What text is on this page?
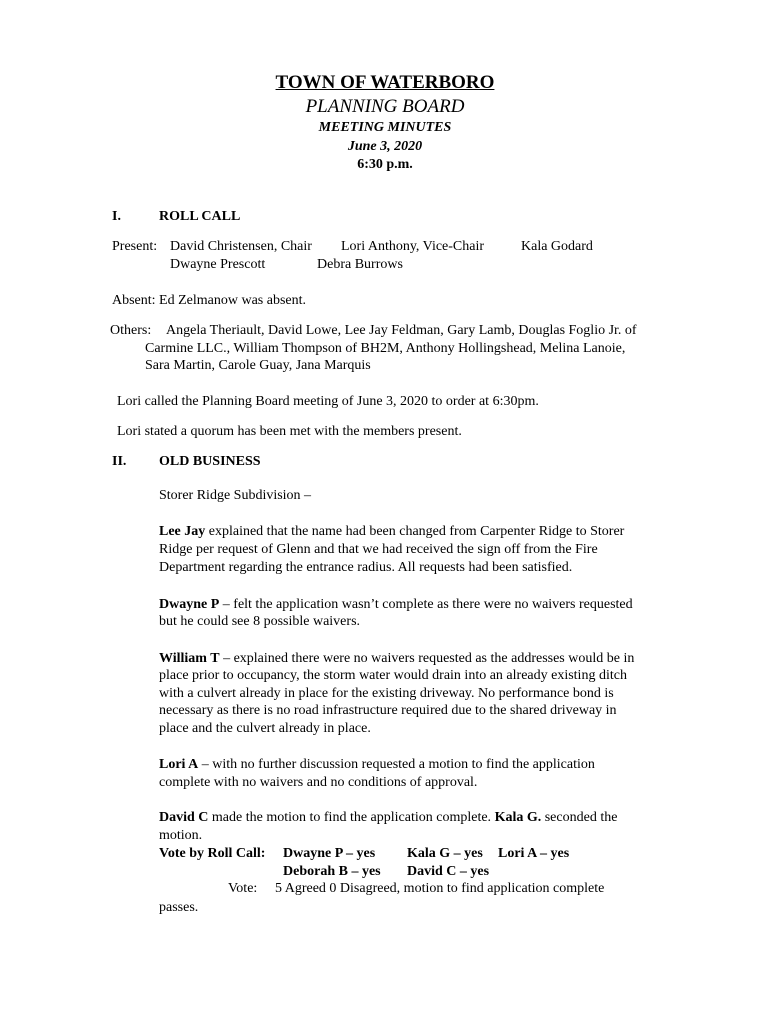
TOWN OF WATERBORO
PLANNING BOARD
MEETING MINUTES
June 3, 2020
6:30 p.m.
I.	ROLL CALL
Present: David Christensen, Chair Lori Anthony, Vice-Chair	Kala Godard
Dwayne Prescott	Debra Burrows
Absent: Ed Zelmanow was absent.
Others: Angela Theriault, David Lowe, Lee Jay Feldman, Gary Lamb, Douglas Foglio Jr. of
Carmine LLC., William Thompson of BH2M, Anthony Hollingshead, Melina Lanoie,
Sara Martin, Carole Guay, Jana Marquis
Lori called the Planning Board meeting of June 3, 2020 to order at 6:30pm.
Lori stated a quorum has been met with the members present.
II. OLD BUSINESS
Storer Ridge Subdivision –
Lee Jay explained that the name had been changed from Carpenter Ridge to Storer
Ridge per request of Glenn and that we had received the sign off from the Fire
Department regarding the entrance radius. All requests had been satisfied.
Dwayne P – felt the application wasn’t complete as there were no waivers requested
but he could see 8 possible waivers.
William T – explained there were no waivers requested as the addresses would be in
place prior to occupancy, the storm water would drain into an already existing ditch
with a culvert already in place for the existing driveway. No performance bond is
necessary as there is no road infrastructure required due to the shared driveway in
place and the culvert already in place.
Lori A – with no further discussion requested a motion to find the application
complete with no waivers and no conditions of approval.
David C made the motion to find the application complete. Kala G. seconded the
motion.
Vote by Roll Call: Dwayne P – yes Kala G – yes Lori A – yes
Deborah B – yes David C – yes
Vote: 5 Agreed 0 Disagreed, motion to find application complete
passes.
